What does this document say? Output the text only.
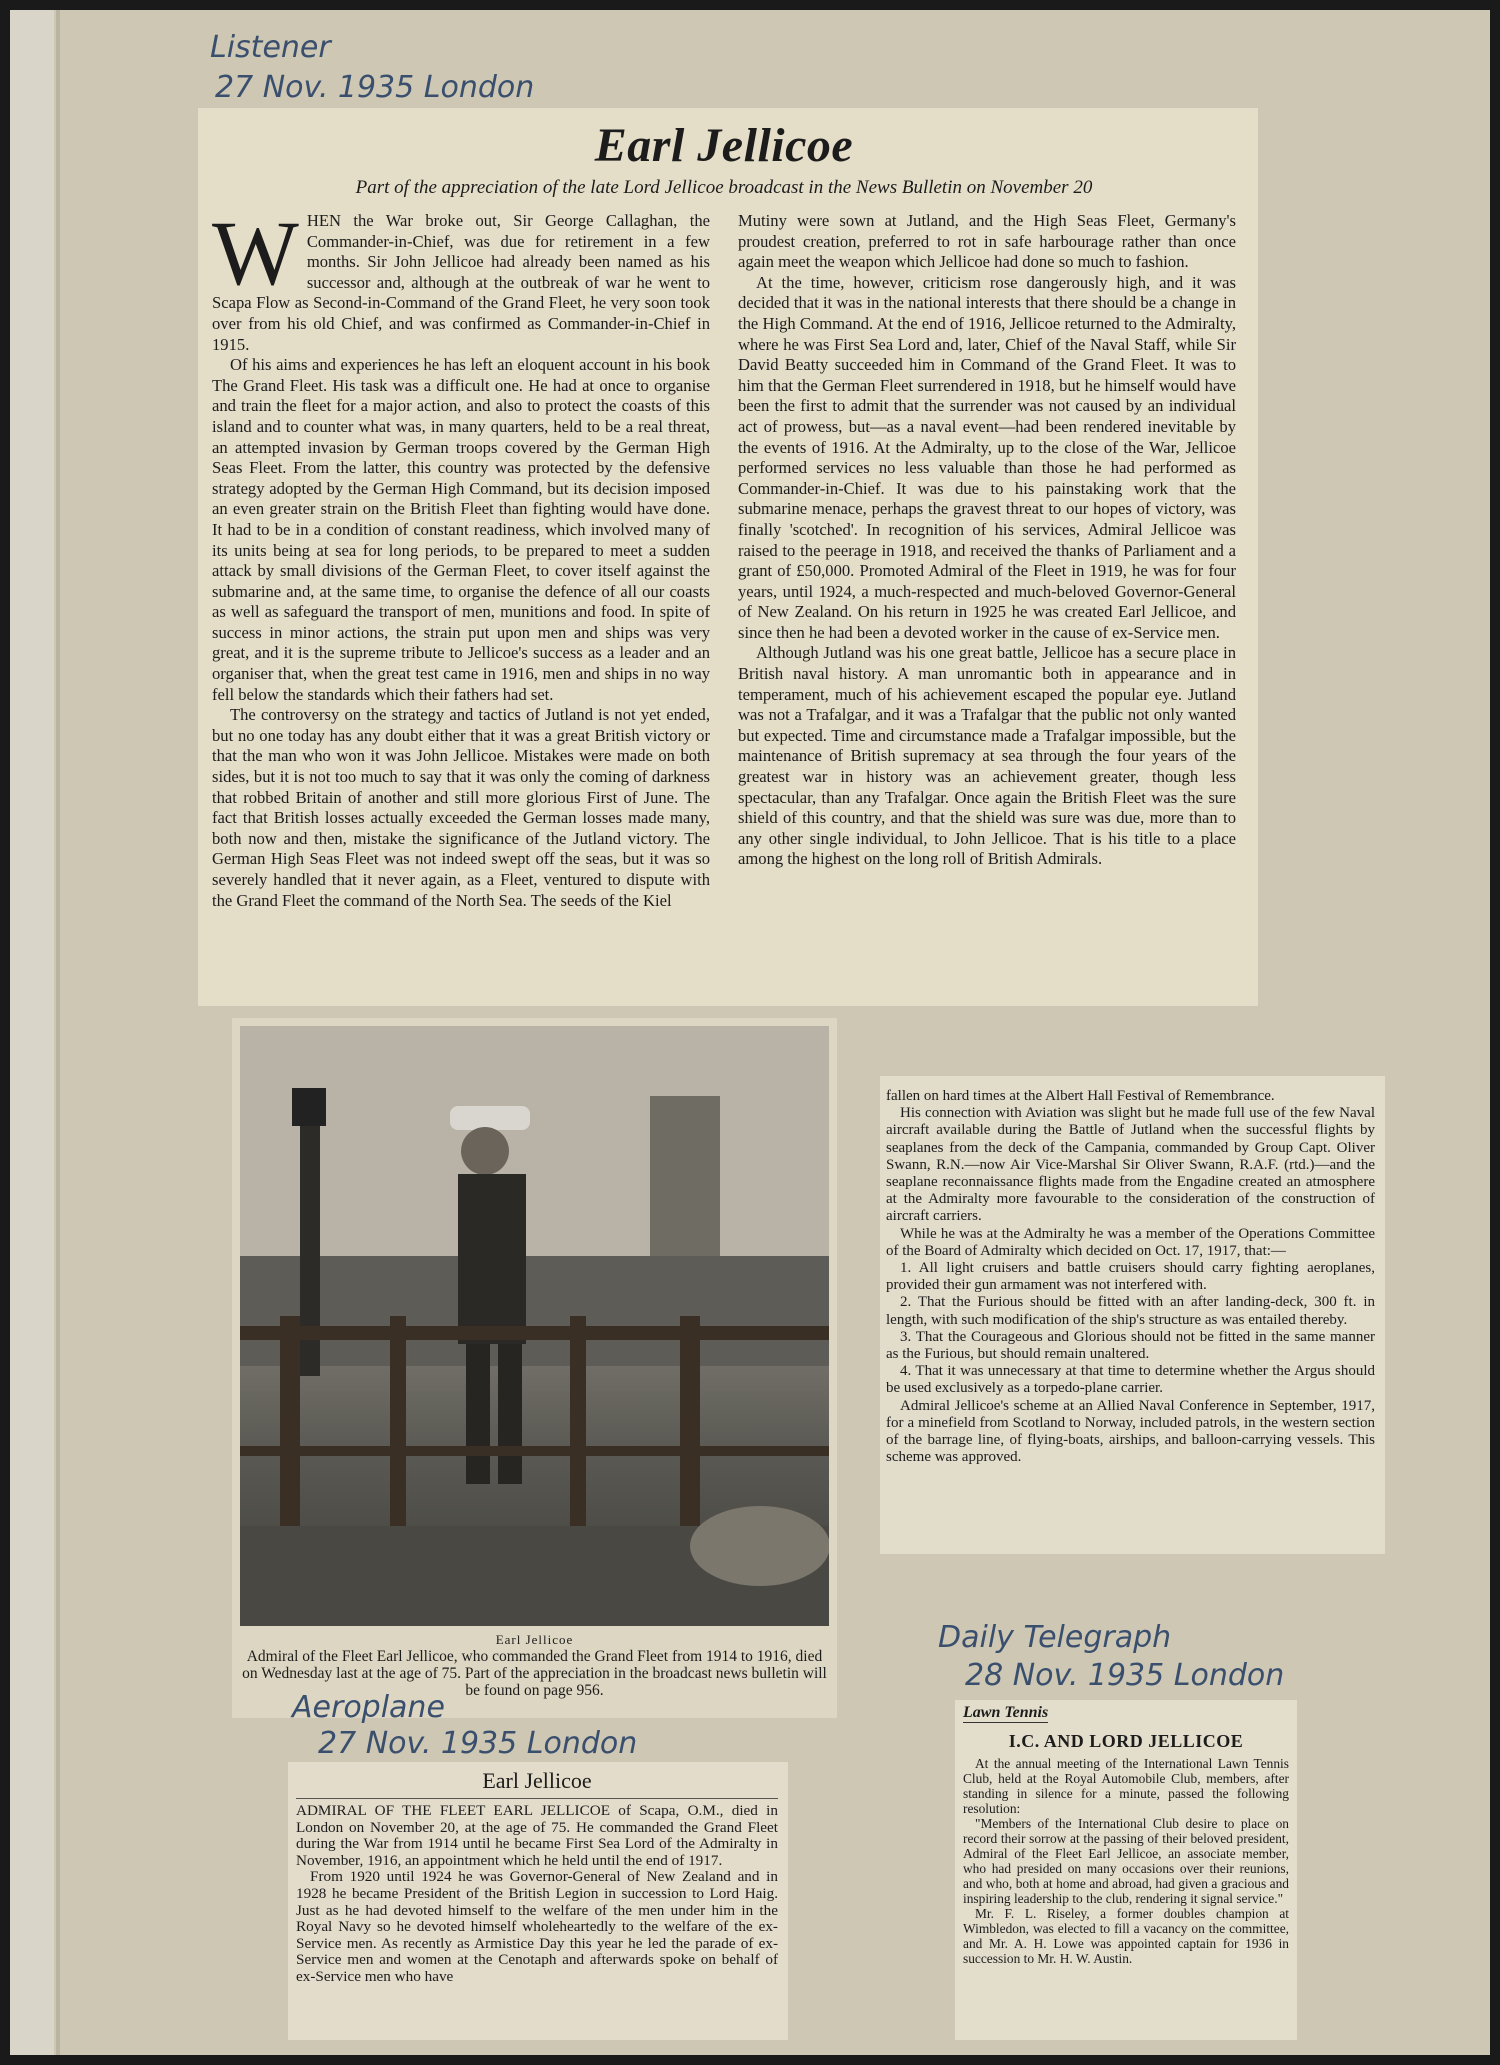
Listener
27 Nov. 1935 London
Earl Jellicoe
Part of the appreciation of the late Lord Jellicoe broadcast in the News Bulletin on November 20

WHEN the War broke out, Sir George Callaghan, the Commander-in-Chief, was due for retirement in a few months. Sir John Jellicoe had already been named as his successor and, although at the outbreak of war he went to Scapa Flow as Second-in-Command of the Grand Fleet, he very soon took over from his old Chief, and was confirmed as Commander-in-Chief in 1915.

Of his aims and experiences he has left an eloquent account in his book The Grand Fleet. His task was a difficult one. He had at once to organise and train the fleet for a major action, and also to protect the coasts of this island and to counter what was, in many quarters, held to be a real threat, an attempted invasion by German troops covered by the German High Seas Fleet. From the latter, this country was protected by the defensive strategy adopted by the German High Command, but its decision imposed an even greater strain on the British Fleet than fighting would have done. It had to be in a condition of constant readiness, which involved many of its units being at sea for long periods, to be prepared to meet a sudden attack by small divisions of the German Fleet, to cover itself against the submarine and, at the same time, to organise the defence of all our coasts as well as safeguard the transport of men, munitions and food. In spite of success in minor actions, the strain put upon men and ships was very great, and it is the supreme tribute to Jellicoe's success as a leader and an organiser that, when the great test came in 1916, men and ships in no way fell below the standards which their fathers had set.

The controversy on the strategy and tactics of Jutland is not yet ended, but no one today has any doubt either that it was a great British victory or that the man who won it was John Jellicoe. Mistakes were made on both sides, but it is not too much to say that it was only the coming of darkness that robbed Britain of another and still more glorious First of June. The fact that British losses actually exceeded the German losses made many, both now and then, mistake the significance of the Jutland victory. The German High Seas Fleet was not indeed swept off the seas, but it was so severely handled that it never again, as a Fleet, ventured to dispute with the Grand Fleet the command of the North Sea. The seeds of the Kiel

Mutiny were sown at Jutland, and the High Seas Fleet, Germany's proudest creation, preferred to rot in safe harbourage rather than once again meet the weapon which Jellicoe had done so much to fashion.

At the time, however, criticism rose dangerously high, and it was decided that it was in the national interests that there should be a change in the High Command. At the end of 1916, Jellicoe returned to the Admiralty, where he was First Sea Lord and, later, Chief of the Naval Staff, while Sir David Beatty succeeded him in Command of the Grand Fleet. It was to him that the German Fleet surrendered in 1918, but he himself would have been the first to admit that the surrender was not caused by an individual act of prowess, but—as a naval event—had been rendered inevitable by the events of 1916. At the Admiralty, up to the close of the War, Jellicoe performed services no less valuable than those he had performed as Commander-in-Chief. It was due to his painstaking work that the submarine menace, perhaps the gravest threat to our hopes of victory, was finally 'scotched'. In recognition of his services, Admiral Jellicoe was raised to the peerage in 1918, and received the thanks of Parliament and a grant of £50,000. Promoted Admiral of the Fleet in 1919, he was for four years, until 1924, a much-respected and much-beloved Governor-General of New Zealand. On his return in 1925 he was created Earl Jellicoe, and since then he had been a devoted worker in the cause of ex-Service men.

Although Jutland was his one great battle, Jellicoe has a secure place in British naval history. A man unromantic both in appearance and in temperament, much of his achievement escaped the popular eye. Jutland was not a Trafalgar, and it was a Trafalgar that the public not only wanted but expected. Time and circumstance made a Trafalgar impossible, but the maintenance of British supremacy at sea through the four years of the greatest war in history was an achievement greater, though less spectacular, than any Trafalgar. Once again the British Fleet was the sure shield of this country, and that the shield was sure was due, more than to any other single individual, to John Jellicoe. That is his title to a place among the highest on the long roll of British Admirals.

Earl Jellicoe
Admiral of the Fleet Earl Jellicoe, who commanded the Grand Fleet from 1914 to 1916, died on Wednesday last at the age of 75. Part of the appreciation in the broadcast news bulletin will be found on page 956.

fallen on hard times at the Albert Hall Festival of Remembrance.

His connection with Aviation was slight but he made full use of the few Naval aircraft available during the Battle of Jutland when the successful flights by seaplanes from the deck of the Campania, commanded by Group Capt. Oliver Swann, R.N.—now Air Vice-Marshal Sir Oliver Swann, R.A.F. (rtd.)—and the seaplane reconnaissance flights made from the Engadine created an atmosphere at the Admiralty more favourable to the consideration of the construction of aircraft carriers.

While he was at the Admiralty he was a member of the Operations Committee of the Board of Admiralty which decided on Oct. 17, 1917, that:—

1. All light cruisers and battle cruisers should carry fighting aeroplanes, provided their gun armament was not interfered with.

2. That the Furious should be fitted with an after landing-deck, 300 ft. in length, with such modification of the ship's structure as was entailed thereby.

3. That the Courageous and Glorious should not be fitted in the same manner as the Furious, but should remain unaltered.

4. That it was unnecessary at that time to determine whether the Argus should be used exclusively as a torpedo-plane carrier.

Admiral Jellicoe's scheme at an Allied Naval Conference in September, 1917, for a minefield from Scotland to Norway, included patrols, in the western section of the barrage line, of flying-boats, airships, and balloon-carrying vessels. This scheme was approved.

Daily Telegraph
28 Nov. 1935 London
Aeroplane
27 Nov. 1935 London
Earl Jellicoe

ADMIRAL OF THE FLEET EARL JELLICOE of Scapa, O.M., died in London on November 20, at the age of 75. He commanded the Grand Fleet during the War from 1914 until he became First Sea Lord of the Admiralty in November, 1916, an appointment which he held until the end of 1917.

From 1920 until 1924 he was Governor-General of New Zealand and in 1928 he became President of the British Legion in succession to Lord Haig. Just as he had devoted himself to the welfare of the men under him in the Royal Navy so he devoted himself wholeheartedly to the welfare of the ex-Service men. As recently as Armistice Day this year he led the parade of ex-Service men and women at the Cenotaph and afterwards spoke on behalf of ex-Service men who have

Lawn Tennis
I.C. AND LORD JELLICOE

At the annual meeting of the International Lawn Tennis Club, held at the Royal Automobile Club, members, after standing in silence for a minute, passed the following resolution:

"Members of the International Club desire to place on record their sorrow at the passing of their beloved president, Admiral of the Fleet Earl Jellicoe, an associate member, who had presided on many occasions over their reunions, and who, both at home and abroad, had given a gracious and inspiring leadership to the club, rendering it signal service."

Mr. F. L. Riseley, a former doubles champion at Wimbledon, was elected to fill a vacancy on the committee, and Mr. A. H. Lowe was appointed captain for 1936 in succession to Mr. H. W. Austin.
